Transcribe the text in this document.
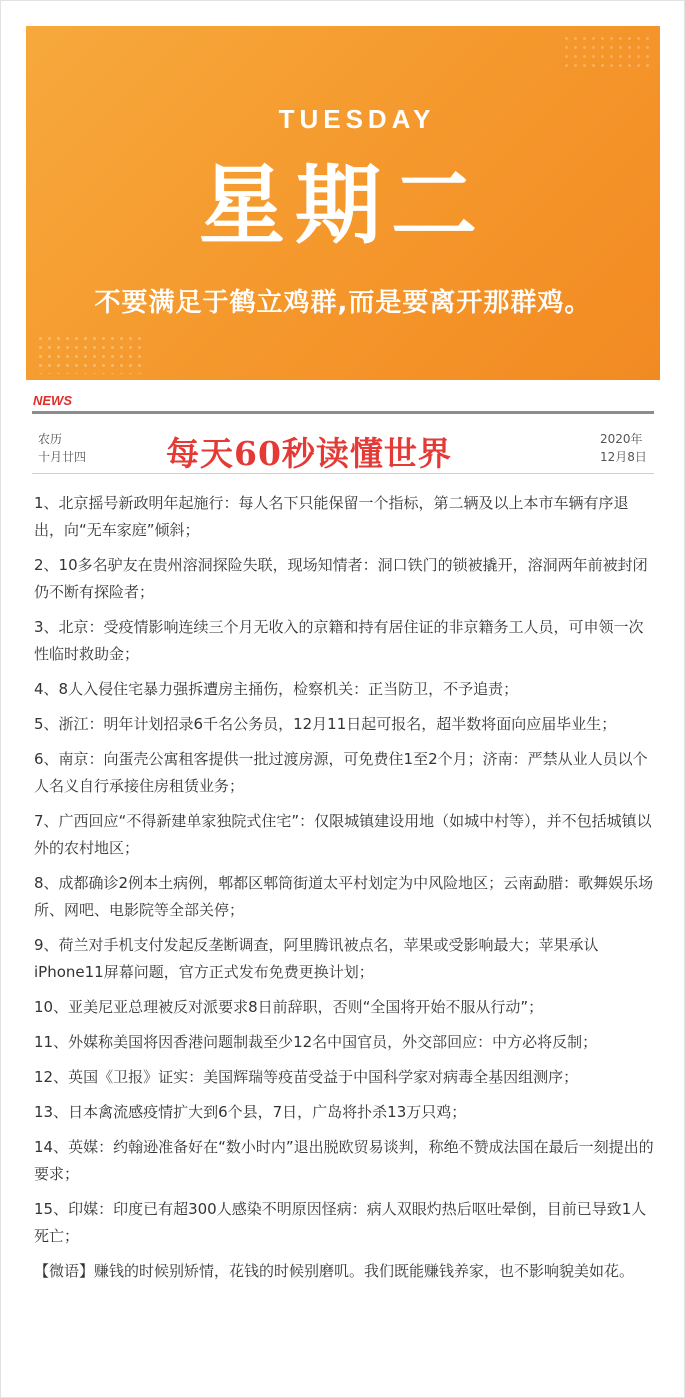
TUESDAY
星期二
不要满足于鹤立鸡群,而是要离开那群鸡。
NEWS
农历
十月廿四 每天60秒读懂世界	2020年
12月8日

1、北京摇号新政明年起施行：每人名下只能保留一个指标，第二辆及以上本市车辆有序退出，向“无车家庭”倾斜；

2、10多名驴友在贵州溶洞探险失联，现场知情者：洞口铁门的锁被撬开，溶洞两年前被封闭仍不断有探险者；

3、北京：受疫情影响连续三个月无收入的京籍和持有居住证的非京籍务工人员，可申领一次性临时救助金；

4、8人入侵住宅暴力强拆遭房主捅伤，检察机关：正当防卫，不予追责；

5、浙江：明年计划招录6千名公务员，12月11日起可报名，超半数将面向应届毕业生；

6、南京：向蛋壳公寓租客提供一批过渡房源，可免费住1至2个月；济南：严禁从业人员以个人名义自行承接住房租赁业务；

7、广西回应“不得新建单家独院式住宅”：仅限城镇建设用地（如城中村等），并不包括城镇以外的农村地区；

8、成都确诊2例本土病例，郫都区郫筒街道太平村划定为中风险地区；云南勐腊：歌舞娱乐场所、网吧、电影院等全部关停；

9、荷兰对手机支付发起反垄断调查，阿里腾讯被点名，苹果或受影响最大；苹果承认iPhone11屏幕问题，官方正式发布免费更换计划；

10、亚美尼亚总理被反对派要求8日前辞职，否则“全国将开始不服从行动”；

11、外媒称美国将因香港问题制裁至少12名中国官员，外交部回应：中方必将反制；

12、英国《卫报》证实：美国辉瑞等疫苗受益于中国科学家对病毒全基因组测序；

13、日本禽流感疫情扩大到6个县，7日，广岛将扑杀13万只鸡；

14、英媒：约翰逊准备好在“数小时内”退出脱欧贸易谈判，称绝不赞成法国在最后一刻提出的要求；

15、印媒：印度已有超300人感染不明原因怪病：病人双眼灼热后呕吐晕倒，目前已导致1人死亡；

【微语】赚钱的时候别矫情，花钱的时候别磨叽。我们既能赚钱养家，也不影响貌美如花。
